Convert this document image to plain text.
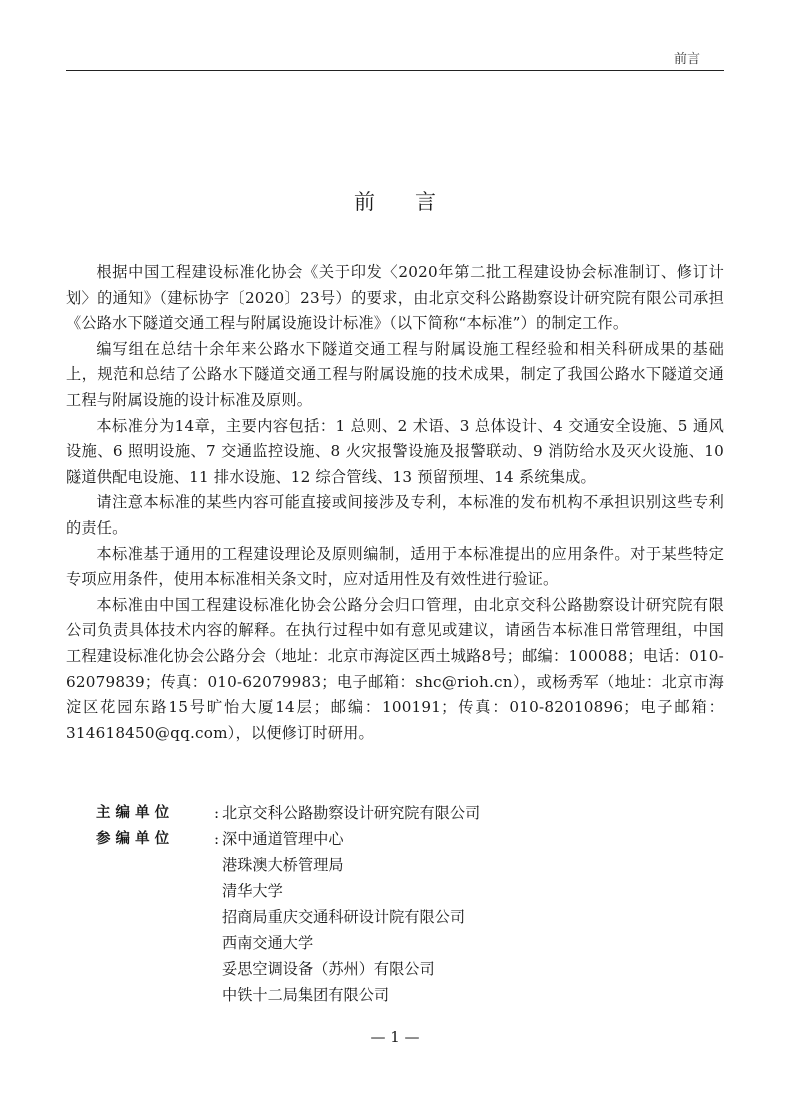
前言
前言

根据中国工程建设标准化协会《关于印发〈2020年第二批工程建设协会标准制订、修订计划〉的通知》（建标协字〔2020〕23号）的要求，由北京交科公路勘察设计研究院有限公司承担《公路水下隧道交通工程与附属设施设计标准》（以下简称“本标准”）的制定工作。

编写组在总结十余年来公路水下隧道交通工程与附属设施工程经验和相关科研成果的基础上，规范和总结了公路水下隧道交通工程与附属设施的技术成果，制定了我国公路水下隧道交通工程与附属设施的设计标准及原则。

本标准分为14章，主要内容包括：1 总则、2 术语、3 总体设计、4 交通安全设施、5 通风设施、6 照明设施、7 交通监控设施、8 火灾报警设施及报警联动、9 消防给水及灭火设施、10 隧道供配电设施、11 排水设施、12 综合管线、13 预留预埋、14 系统集成。

请注意本标准的某些内容可能直接或间接涉及专利，本标准的发布机构不承担识别这些专利的责任。

本标准基于通用的工程建设理论及原则编制，适用于本标准提出的应用条件。对于某些特定专项应用条件，使用本标准相关条文时，应对适用性及有效性进行验证。

本标准由中国工程建设标准化协会公路分会归口管理，由北京交科公路勘察设计研究院有限公司负责具体技术内容的解释。在执行过程中如有意见或建议，请函告本标准日常管理组，中国工程建设标准化协会公路分会（地址：北京市海淀区西土城路8号；邮编：100088；电话：010-62079839；传真：010-62079983；电子邮箱：shc@rioh.cn），或杨秀军（地址：北京市海淀区花园东路15号旷怡大厦14层；邮编：100191；传真：010-82010896；电子邮箱：314618450@qq.com），以便修订时研用。

主 编 单 位	: 北京交科公路勘察设计研究院有限公司
参 编 单 位	: 深中通道管理中心
港珠澳大桥管理局
清华大学
招商局重庆交通科研设计院有限公司
西南交通大学
妥思空调设备（苏州）有限公司
中铁十二局集团有限公司
— 1 —
